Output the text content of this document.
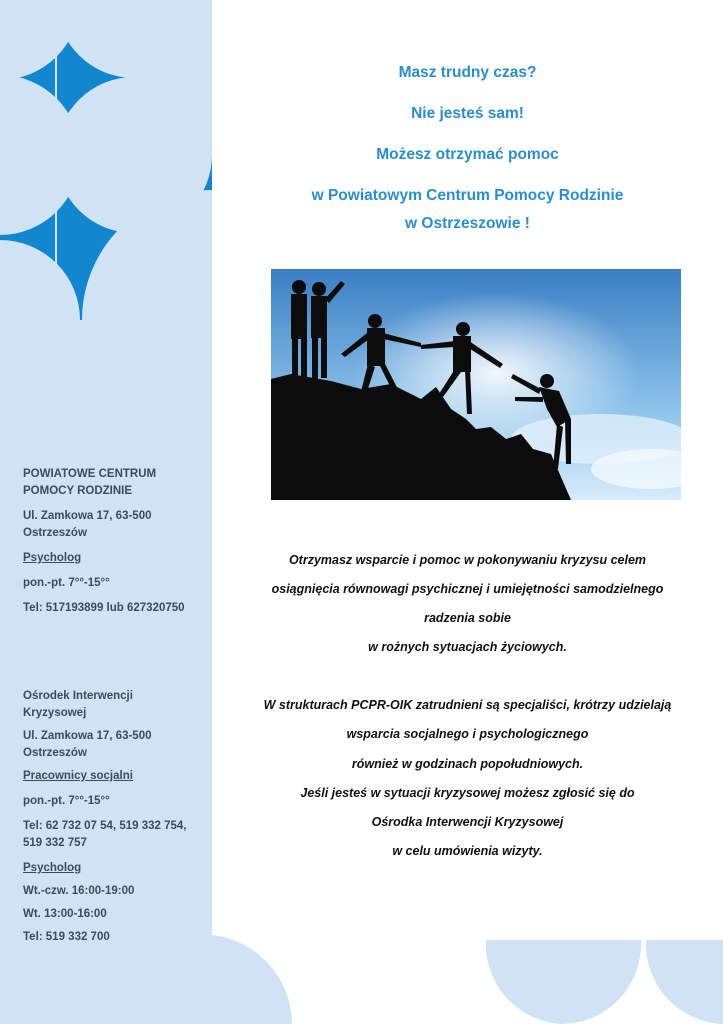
POWIATOWE CENTRUM

POMOCY RODZINIE

Ul. Zamkowa 17, 63-500

Ostrzeszów

Psycholog

pon.-pt. 7°°-15°°

Tel: 517193899 lub 627320750

Ośrodek Interwencji

Kryzysowej

Ul. Zamkowa 17, 63-500

Ostrzeszów

Pracownicy socjalni

pon.-pt. 7°°-15°°

Tel: 62 732 07 54, 519 332 754,

519 332 757

Psycholog

Wt.-czw. 16:00-19:00

Wt. 13:00-16:00

Tel: 519 332 700

Masz trudny czas?
Nie jesteś sam!
Możesz otrzymać pomoc
w Powiatowym Centrum Pomocy Rodzinie
w Ostrzeszowie !
Otrzymasz wsparcie i pomoc w pokonywaniu kryzysu celem
osiągnięcia równowagi psychicznej i umiejętności samodzielnego
radzenia sobie
w rożnych sytuacjach życiowych.
W strukturach PCPR-OIK zatrudnieni są specjaliści, krótrzy udzielają
wsparcia socjalnego i psychologicznego
również w godzinach popołudniowych.
Jeśli jesteś w sytuacji kryzysowej możesz zgłosić się do
Ośrodka Interwencji Kryzysowej
w celu umówienia wizyty.
